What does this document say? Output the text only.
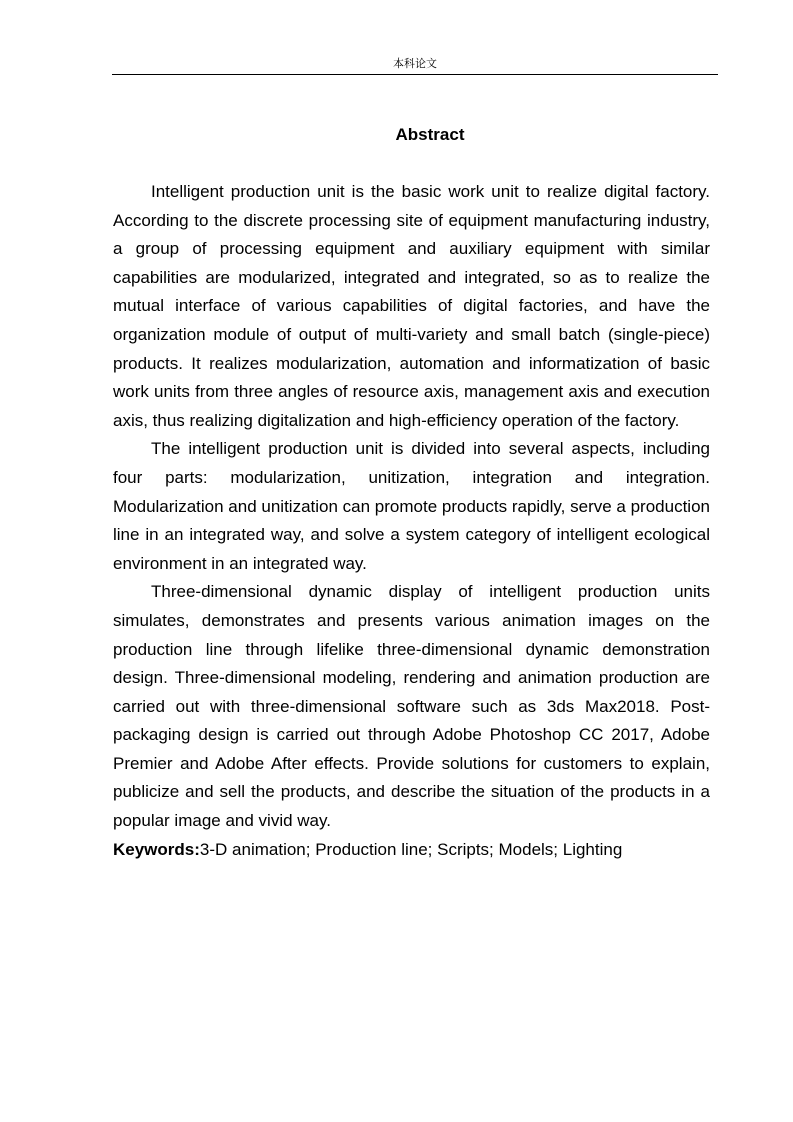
本科论文
Abstract

Intelligent production unit is the basic work unit to realize digital factory. According to the discrete processing site of equipment manufacturing industry, a group of processing equipment and auxiliary equipment with similar capabilities are modularized, integrated and integrated, so as to realize the mutual interface of various capabilities of digital factories, and have the organization module of output of multi-variety and small batch (single-piece) products. It realizes modularization, automation and informatization of basic work units from three angles of resource axis, management axis and execution axis, thus realizing digitalization and high-efficiency operation of the factory.

The intelligent production unit is divided into several aspects, including four parts: modularization, unitization, integration and integration. Modularization and unitization can promote products rapidly, serve a production line in an integrated way, and solve a system category of intelligent ecological environment in an integrated way.

Three-dimensional dynamic display of intelligent production units simulates, demonstrates and presents various animation images on the production line through lifelike three-dimensional dynamic demonstration design. Three-dimensional modeling, rendering and animation production are carried out with three-dimensional software such as 3ds Max2018. Post-packaging design is carried out through Adobe Photoshop CC 2017, Adobe Premier and Adobe After effects. Provide solutions for customers to explain, publicize and sell the products, and describe the situation of the products in a popular image and vivid way.

Keywords:3-D animation; Production line; Scripts; Models; Lighting
